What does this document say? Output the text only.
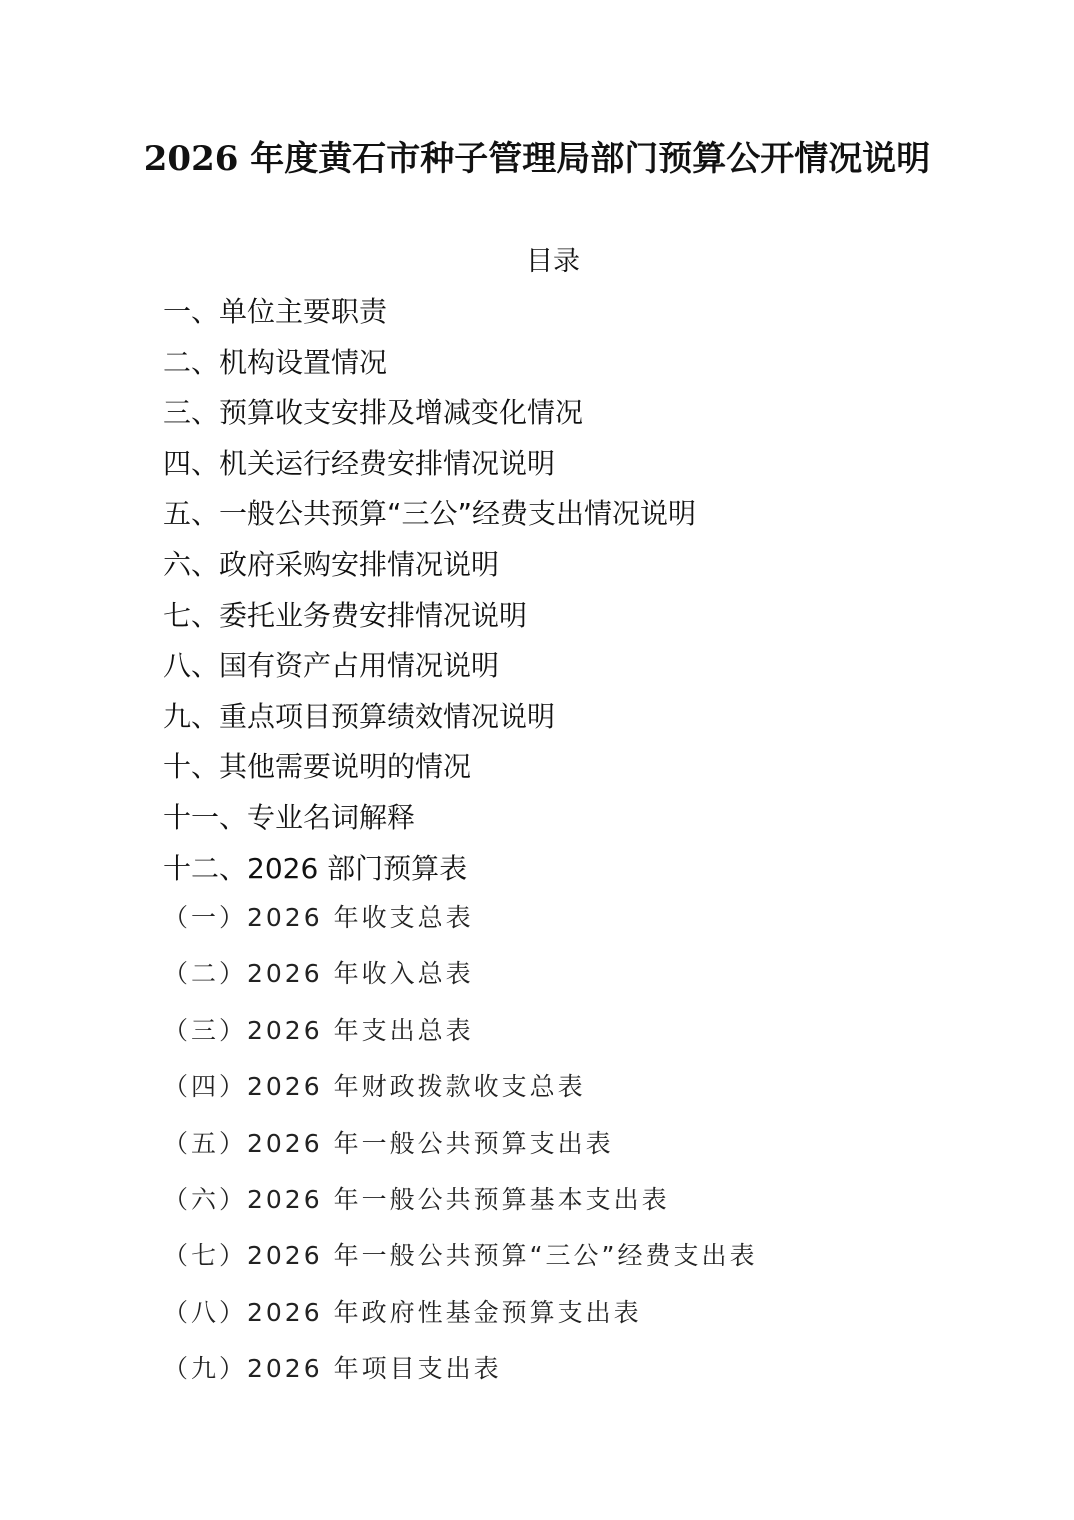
2026 年度黄石市种子管理局部门预算公开情况说明
目录
一、单位主要职责
二、机构设置情况
三、预算收支安排及增减变化情况
四、机关运行经费安排情况说明
五、一般公共预算“三公”经费支出情况说明
六、政府采购安排情况说明
七、委托业务费安排情况说明
八、国有资产占用情况说明
九、重点项目预算绩效情况说明
十、其他需要说明的情况
十一、专业名词解释
十二、2026 部门预算表
（一）2026 年收支总表
（二）2026 年收入总表
（三）2026 年支出总表
（四）2026 年财政拨款收支总表
（五）2026 年一般公共预算支出表
（六）2026 年一般公共预算基本支出表
（七）2026 年一般公共预算“三公”经费支出表
（八）2026 年政府性基金预算支出表
（九）2026 年项目支出表
